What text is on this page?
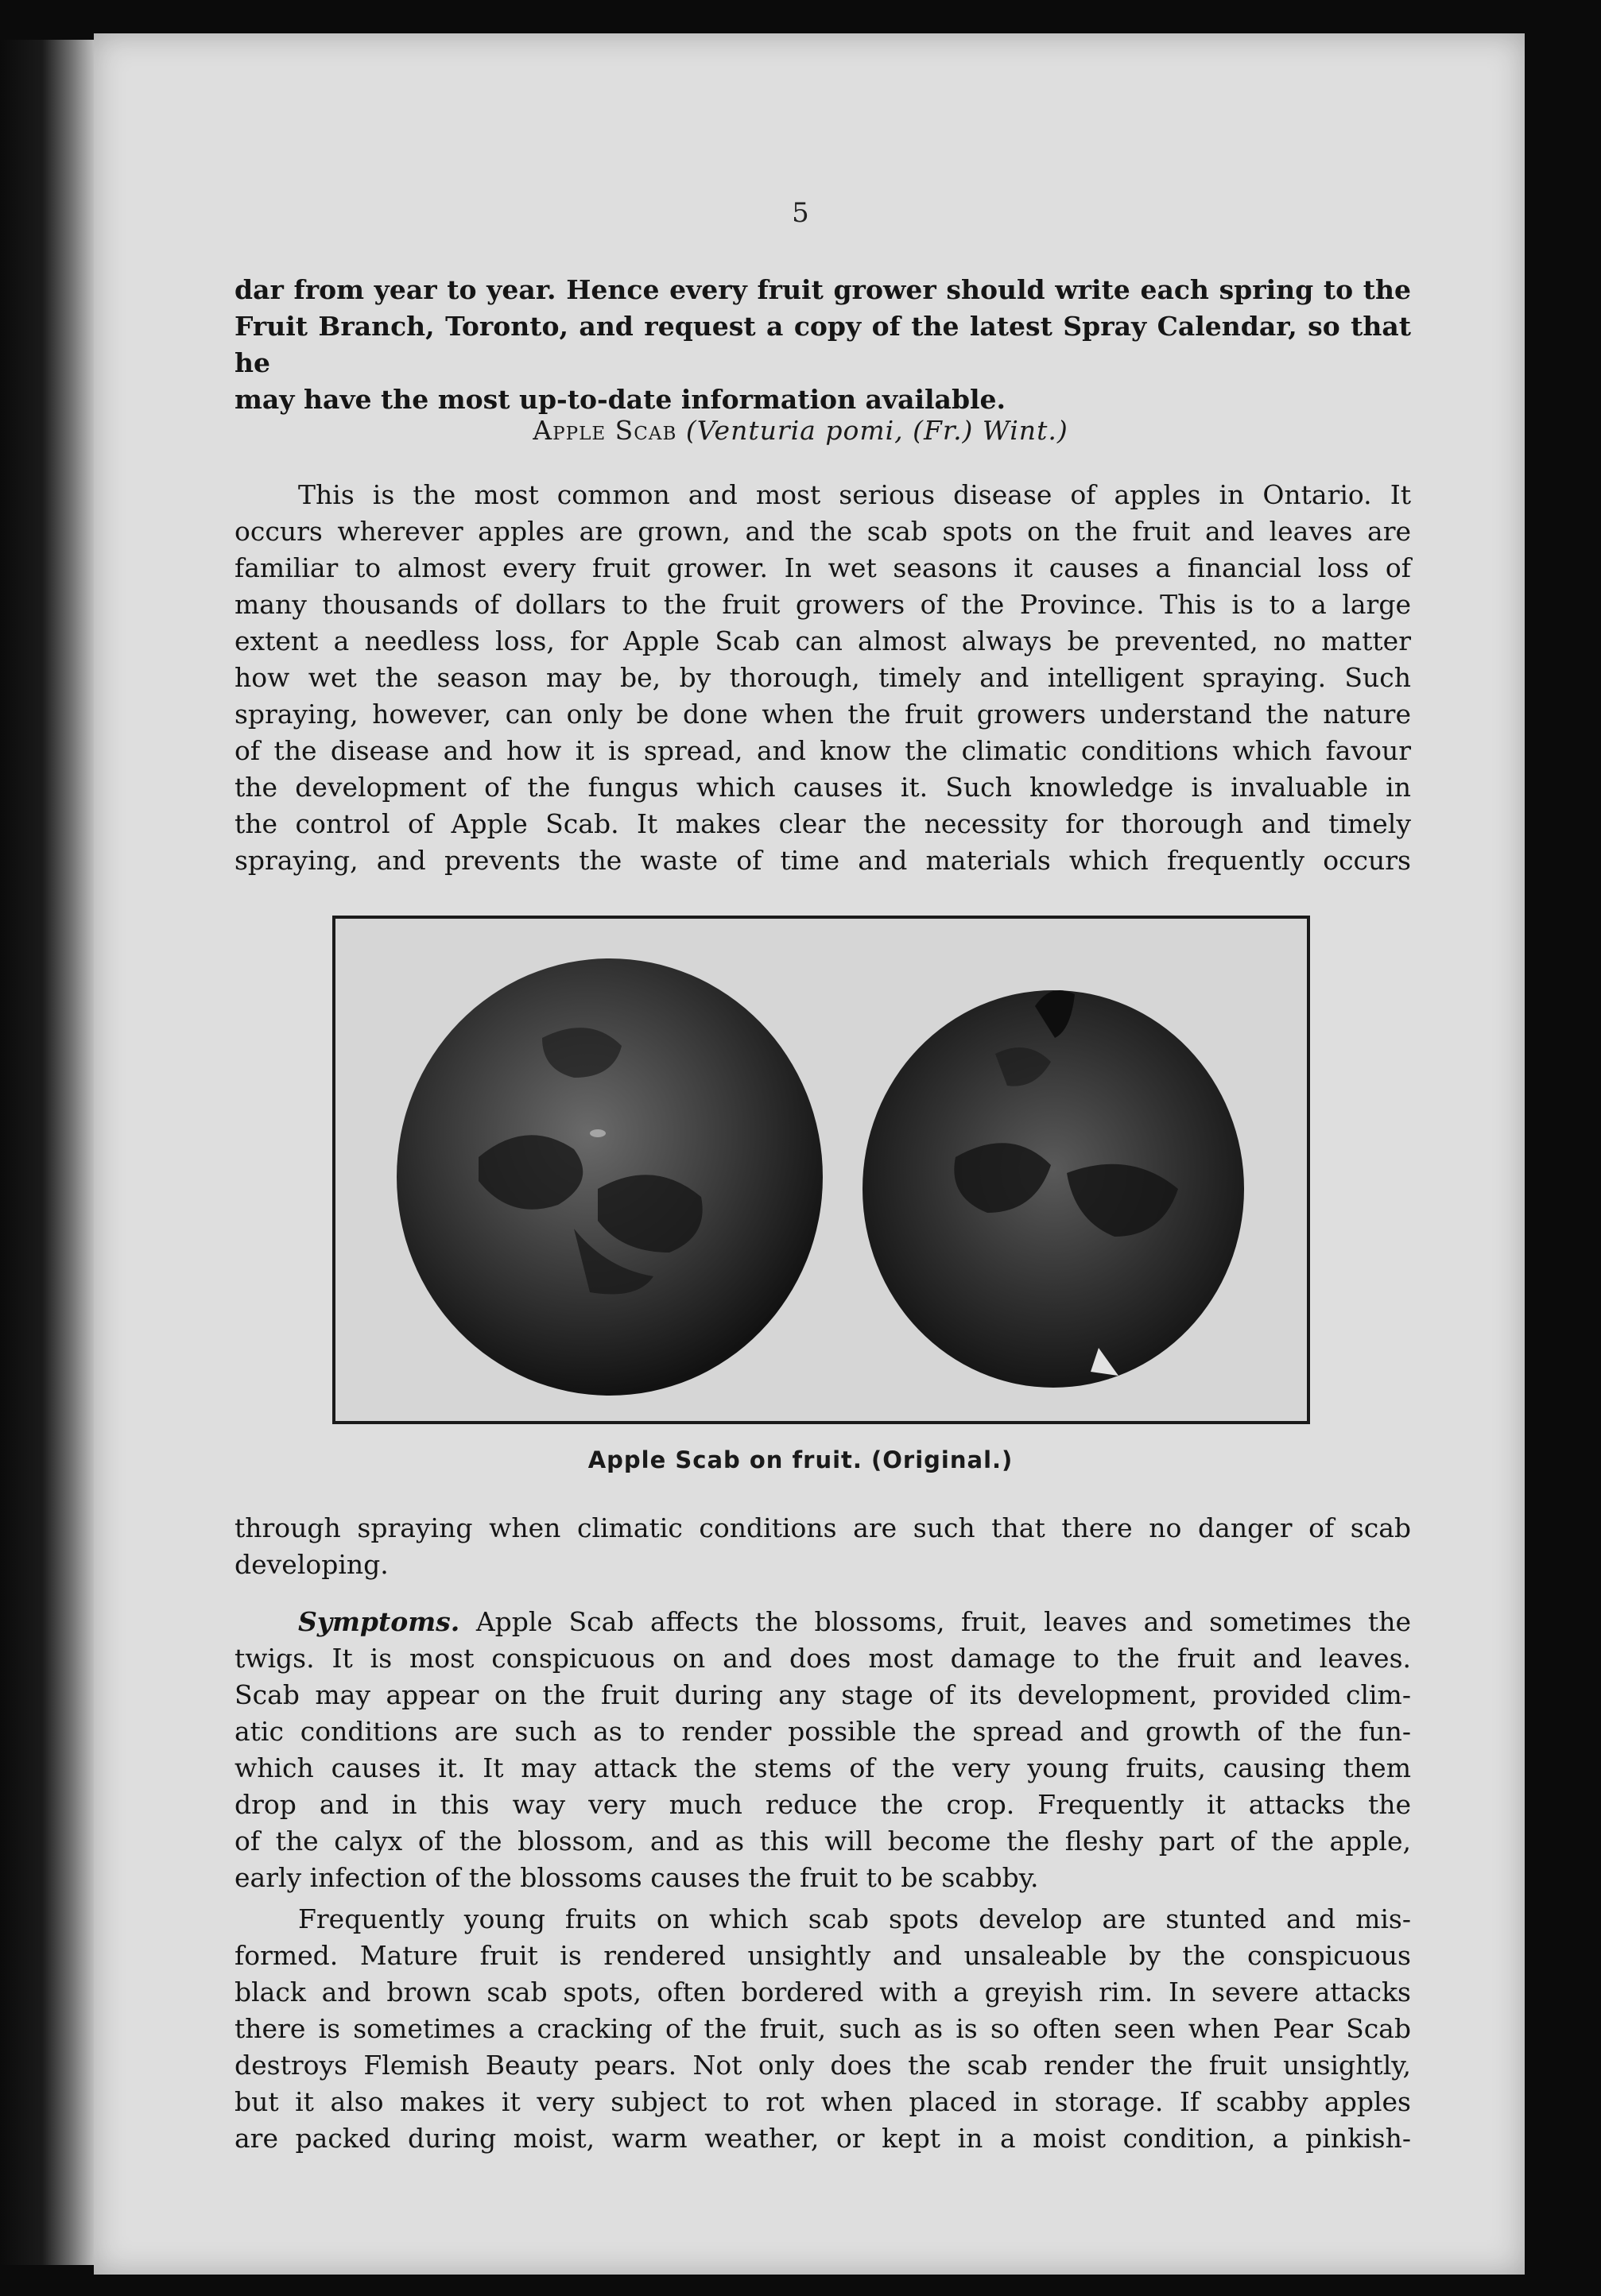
5
dar from year to year. Hence every fruit grower should write each spring to the
Fruit Branch, Toronto, and request a copy of the latest Spray Calendar, so that he
may have the most up-to-date information available.
Apple Scab (Venturia pomi, (Fr.) Wint.)
This is the most common and most serious disease of apples in Ontario. It
occurs wherever apples are grown, and the scab spots on the fruit and leaves are
familiar to almost every fruit grower. In wet seasons it causes a financial loss of
many thousands of dollars to the fruit growers of the Province. This is to a large
extent a needless loss, for Apple Scab can almost always be prevented, no matter
how wet the season may be, by thorough, timely and intelligent spraying. Such
spraying, however, can only be done when the fruit growers understand the nature
of the disease and how it is spread, and know the climatic conditions which favour
the development of the fungus which causes it. Such knowledge is invaluable in
the control of Apple Scab. It makes clear the necessity for thorough and timely
spraying, and prevents the waste of time and materials which frequently occurs
Apple Scab on fruit. (Original.)
through spraying when climatic conditions are such that there no danger of scab
developing.
Symptoms. Apple Scab affects the blossoms, fruit, leaves and sometimes the
twigs. It is most conspicuous on and does most damage to the fruit and leaves.
Scab may appear on the fruit during any stage of its development, provided clim-
atic conditions are such as to render possible the spread and growth of the fun-
which causes it. It may attack the stems of the very young fruits, causing them
drop and in this way very much reduce the crop. Frequently it attacks the
of the calyx of the blossom, and as this will become the fleshy part of the apple,
early infection of the blossoms causes the fruit to be scabby.
Frequently young fruits on which scab spots develop are stunted and mis-
formed. Mature fruit is rendered unsightly and unsaleable by the conspicuous
black and brown scab spots, often bordered with a greyish rim. In severe attacks
there is sometimes a cracking of the fruit, such as is so often seen when Pear Scab
destroys Flemish Beauty pears. Not only does the scab render the fruit unsightly,
but it also makes it very subject to rot when placed in storage. If scabby apples
are packed during moist, warm weather, or kept in a moist condition, a pinkish-
